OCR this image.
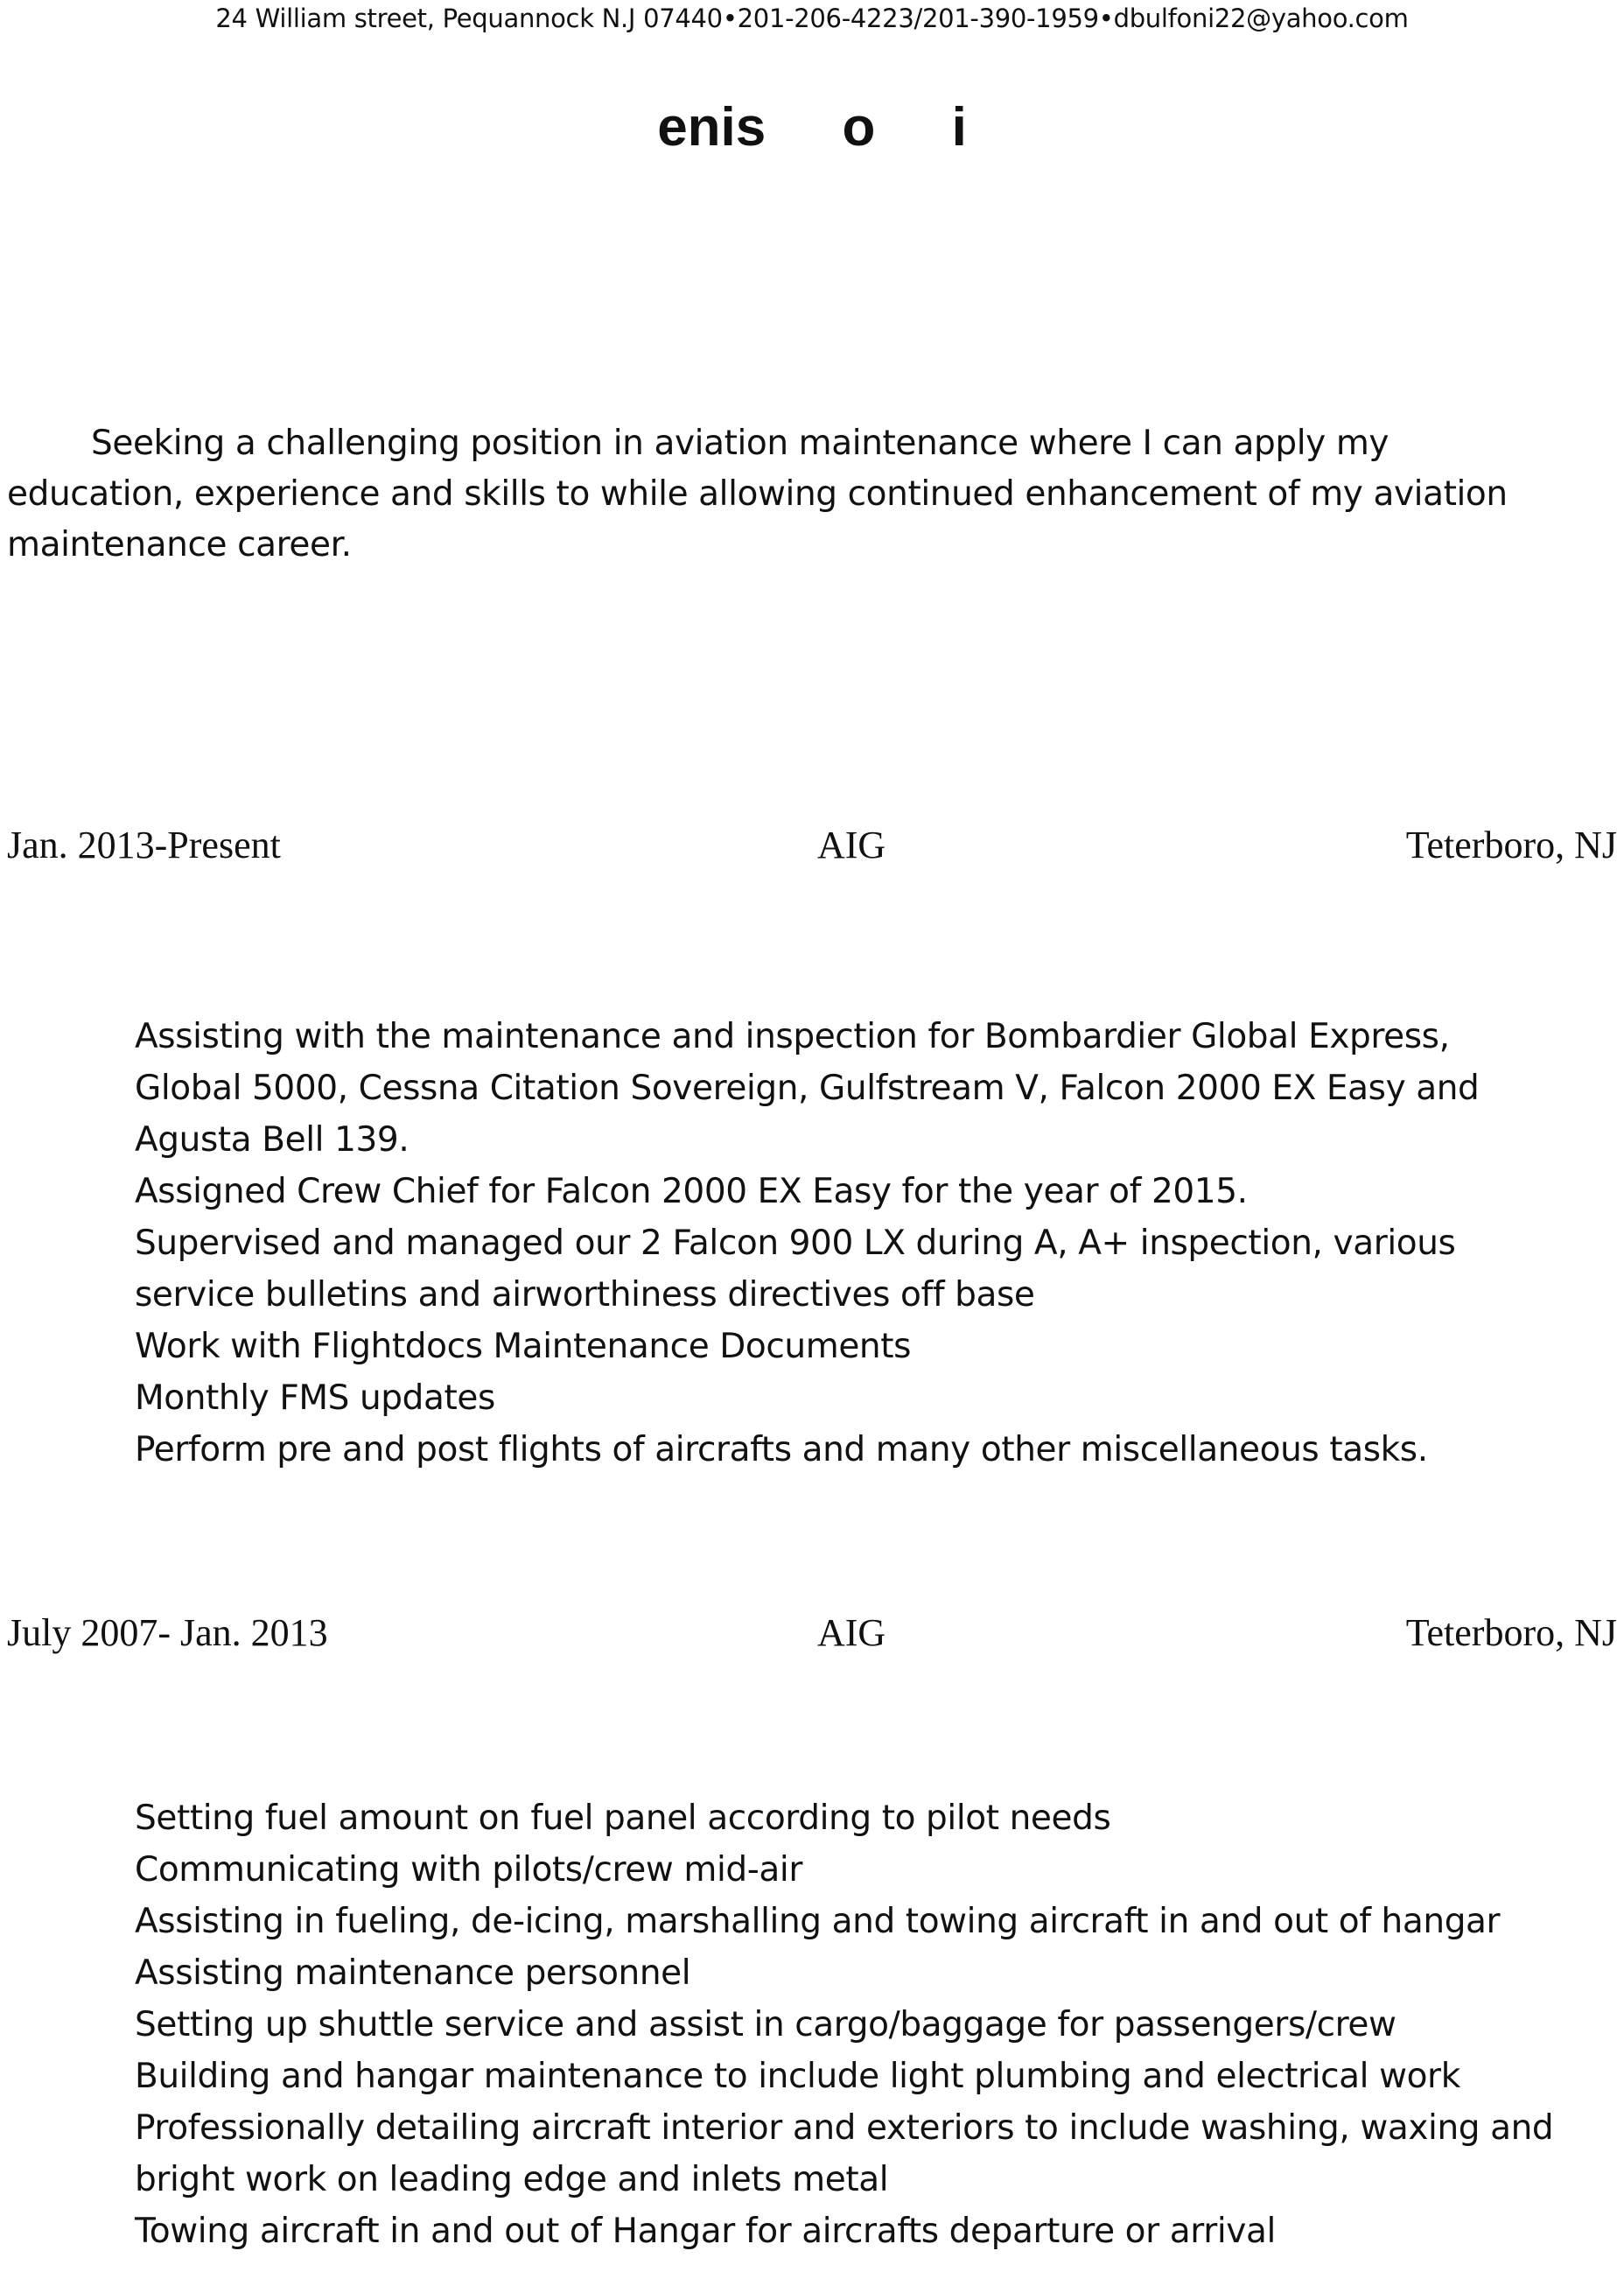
24 William street, Pequannock N.J 07440•201-206-4223/201-390-1959•dbulfoni22@yahoo.com
enis o i
Seeking a challenging position in aviation maintenance where I can apply my
education, experience and skills to while allowing continued enhancement of my aviation
maintenance career.
Jan. 2013-Present	AIG	Teterboro, NJ
Assisting with the maintenance and inspection for Bombardier Global Express,
Global 5000, Cessna Citation Sovereign, Gulfstream V, Falcon 2000 EX Easy and
Agusta Bell 139.
Assigned Crew Chief for Falcon 2000 EX Easy for the year of 2015.
Supervised and managed our 2 Falcon 900 LX during A, A+ inspection, various
service bulletins and airworthiness directives off base
Work with Flightdocs Maintenance Documents
Monthly FMS updates
Perform pre and post flights of aircrafts and many other miscellaneous tasks.
July 2007- Jan. 2013	AIG	Teterboro, NJ
Setting fuel amount on fuel panel according to pilot needs
Communicating with pilots/crew mid-air
Assisting in fueling, de-icing, marshalling and towing aircraft in and out of hangar
Assisting maintenance personnel
Setting up shuttle service and assist in cargo/baggage for passengers/crew
Building and hangar maintenance to include light plumbing and electrical work
Professionally detailing aircraft interior and exteriors to include washing, waxing and
bright work on leading edge and inlets metal
Towing aircraft in and out of Hangar for aircrafts departure or arrival
